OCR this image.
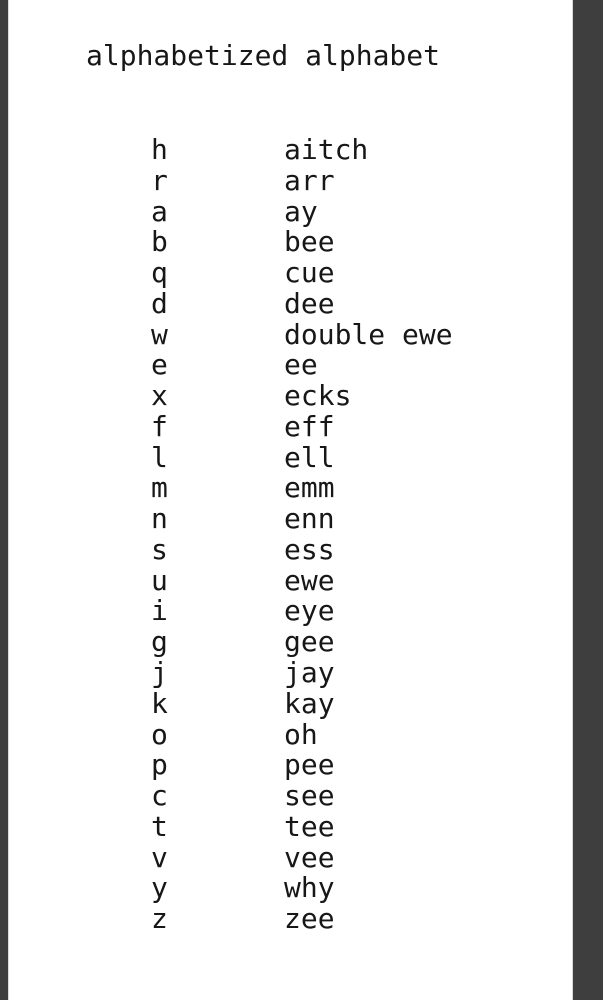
alphabetized alphabet
h	aitch
r	arr
a	ay
b	bee
q	cue
d	dee
w	double ewe
e	ee
x	ecks
f	eff
l	ell
m	emm
n	enn
s	ess
u	ewe
i	eye
g	gee
j	jay
k	kay
o	oh
p	pee
c	see
t	tee
v	vee
y	why
z	zee
